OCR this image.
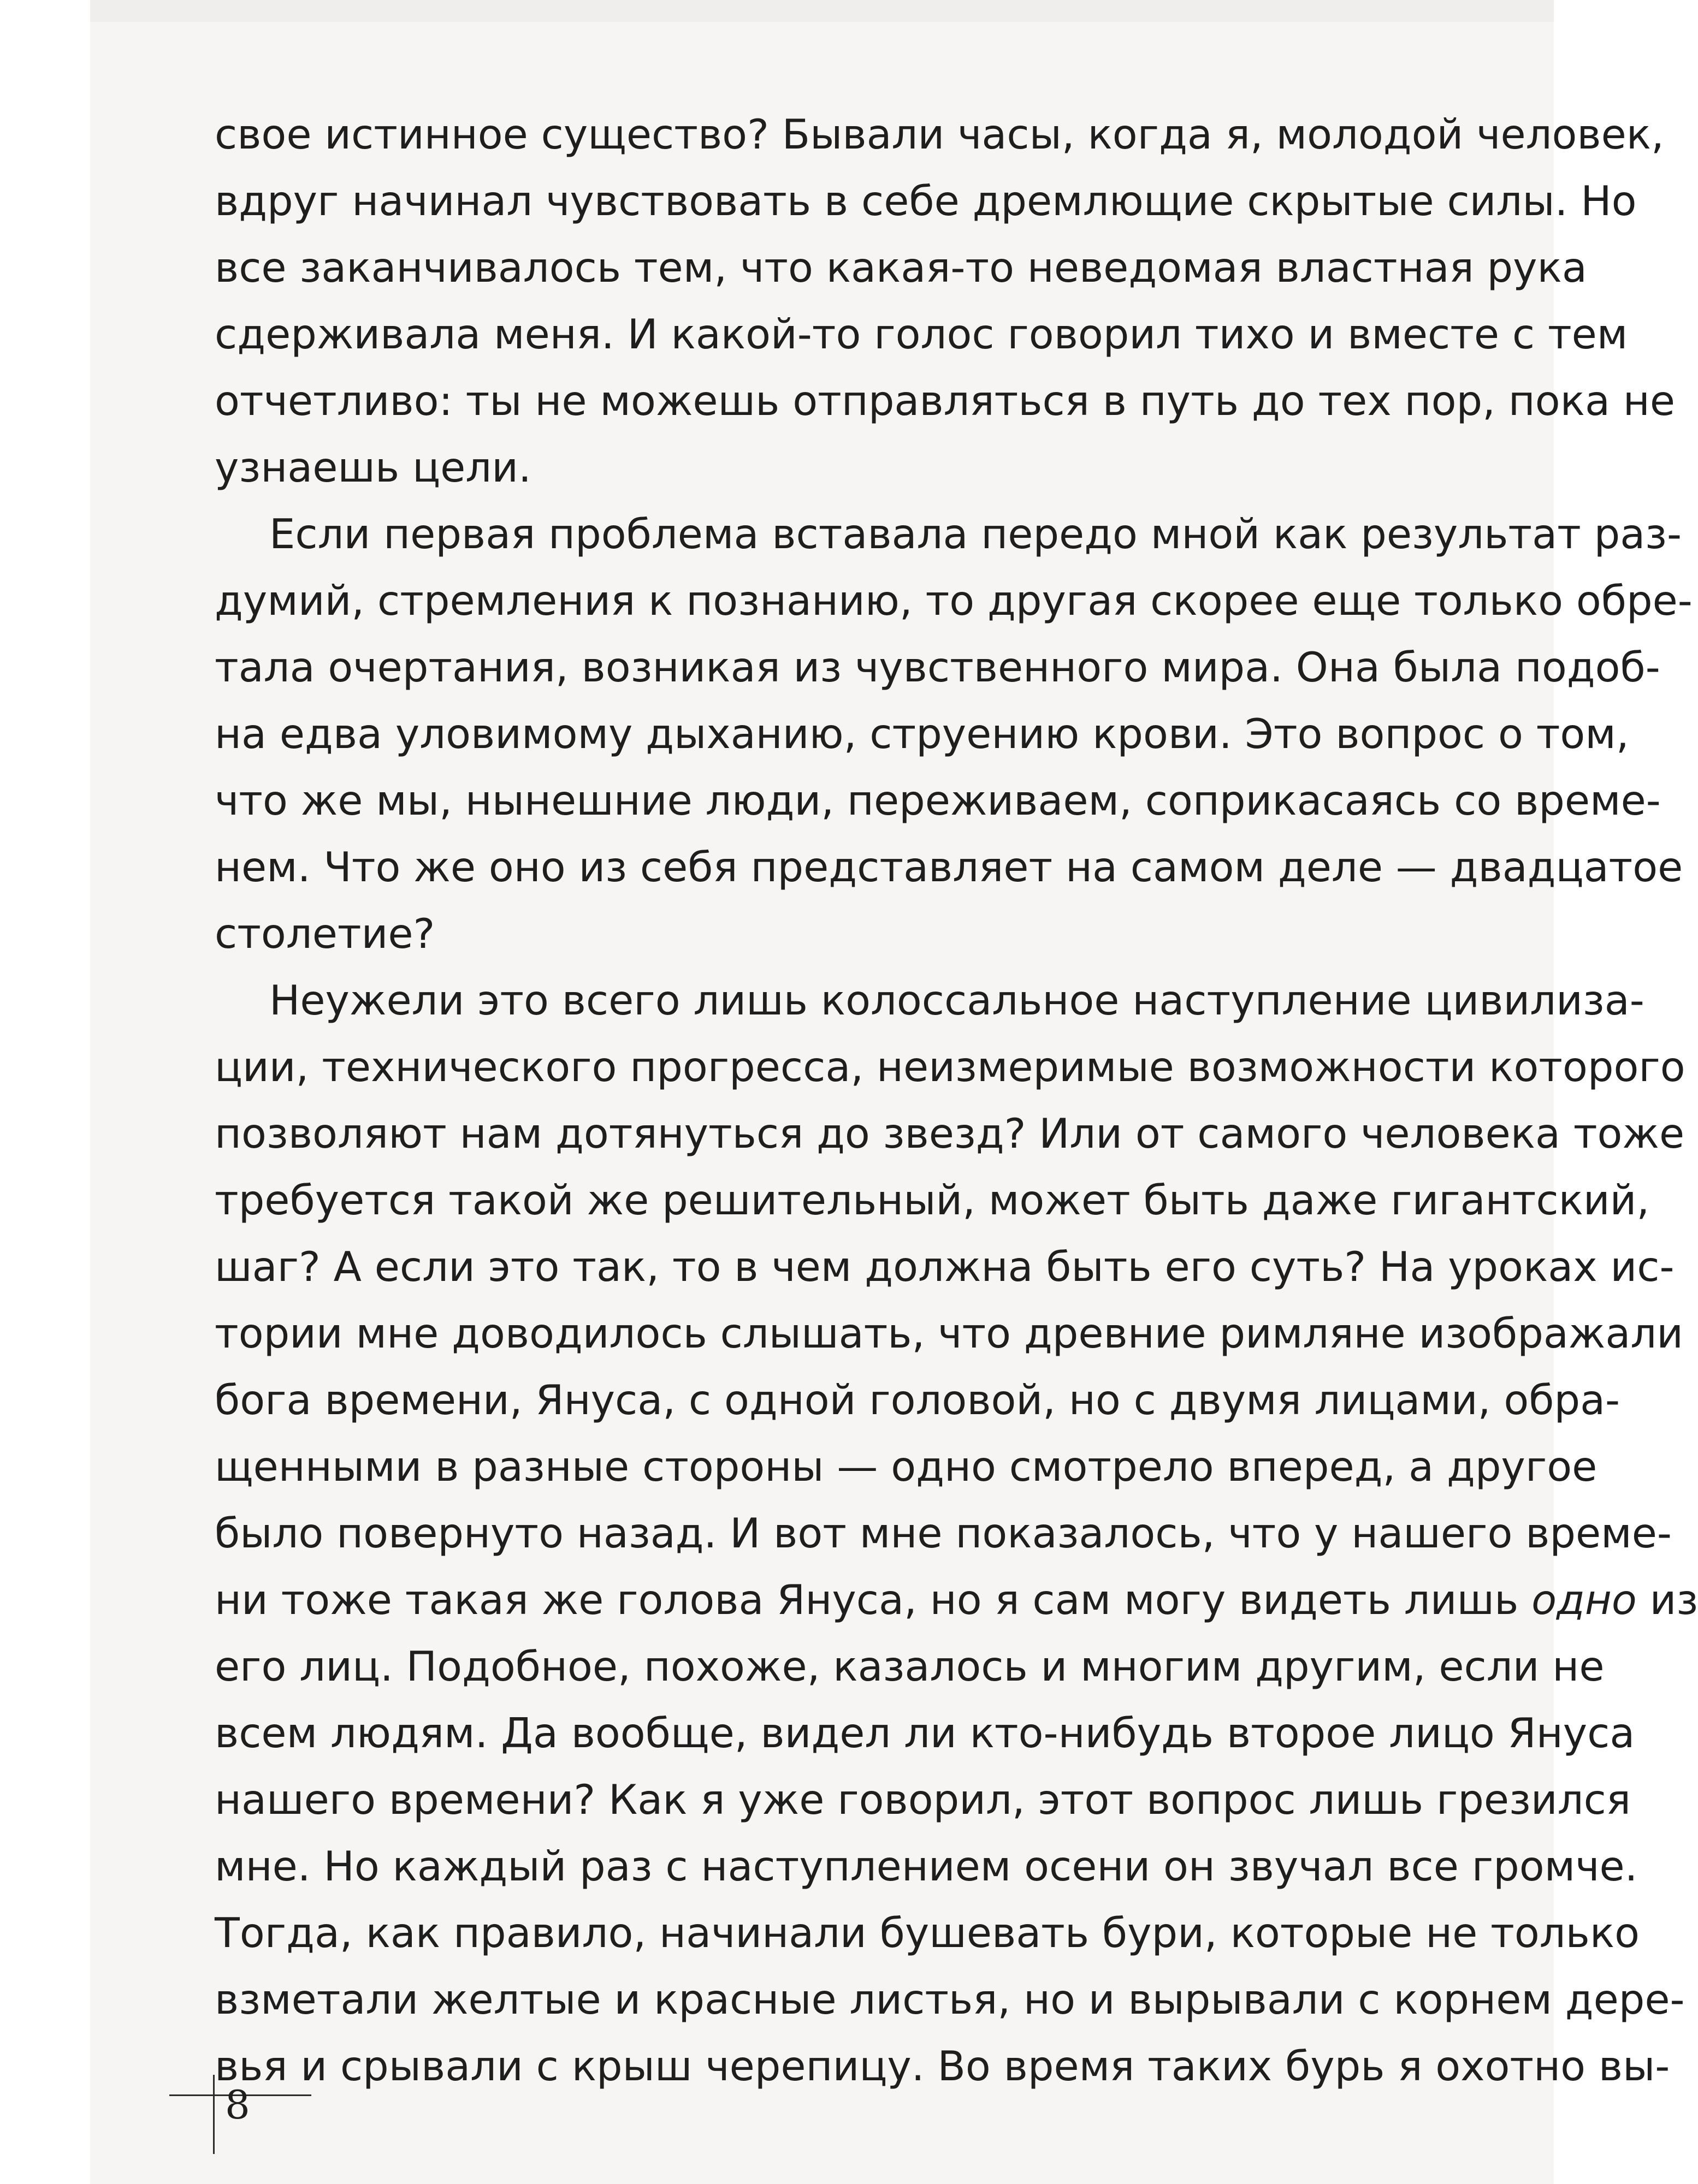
свое истинное существо? Бывали часы, когда я, молодой человек,
вдруг начинал чувствовать в себе дремлющие скрытые силы. Но
все заканчивалось тем, что какая-то неведомая властная рука
сдерживала меня. И какой-то голос говорил тихо и вместе с тем
отчетливо: ты не можешь отправляться в путь до тех пор, пока не
узнаешь цели.

Если первая проблема вставала передо мной как результат раз-
думий, стремления к познанию, то другая скорее еще только обре-
тала очертания, возникая из чувственного мира. Она была подоб-
на едва уловимому дыханию, струению крови. Это вопрос о том,
что же мы, нынешние люди, переживаем, соприкасаясь со време-
нем. Что же оно из себя представляет на самом деле — двадцатое
столетие?

Неужели это всего лишь колоссальное наступление цивилиза-
ции, технического прогресса, неизмеримые возможности которого
позволяют нам дотянуться до звезд? Или от самого человека тоже
требуется такой же решительный, может быть даже гигантский,
шаг? А если это так, то в чем должна быть его суть? На уроках ис-
тории мне доводилось слышать, что древние римляне изображали
бога времени, Януса, с одной головой, но с двумя лицами, обра-
щенными в разные стороны — одно смотрело вперед, а другое
было повернуто назад. И вот мне показалось, что у нашего време-
ни тоже такая же голова Януса, но я сам могу видеть лишь одно из
его лиц. Подобное, похоже, казалось и многим другим, если не
всем людям. Да вообще, видел ли кто-нибудь второе лицо Януса
нашего времени? Как я уже говорил, этот вопрос лишь грезился
мне. Но каждый раз с наступлением осени он звучал все громче.
Тогда, как правило, начинали бушевать бури, которые не только
взметали желтые и красные листья, но и вырывали с корнем дере-
вья и срывали с крыш черепицу. Во время таких бурь я охотно вы-

8
